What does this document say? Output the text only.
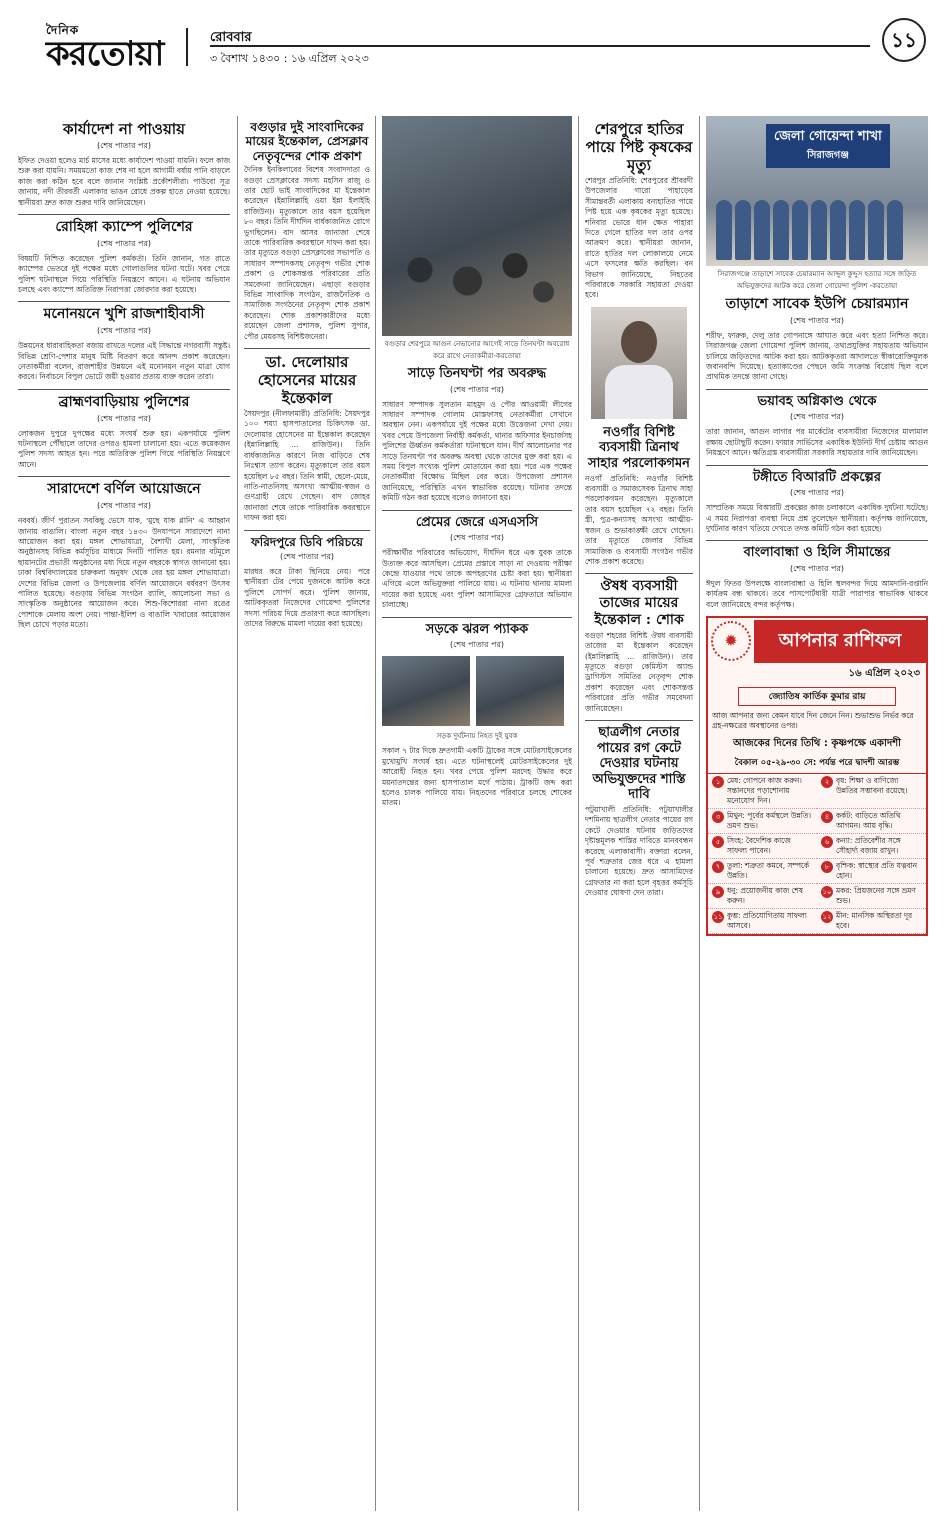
দৈনিক
করতোয়া	রোববার
৩ বৈশাখ ১৪৩০ : ১৬ এপ্রিল ২০২৩
১১
কার্যাদেশ না পাওয়ায়
(শেষ পাতার পর)

ইফিত দেওয়া হলেও মার্চ মাসের মধ্যে কার্যাদেশ পাওয়া যায়নি। ফলে কাজ শুরু করা যায়নি। সময়মতো কাজ শেষ না হলে আগামী বর্ষায় পানি বাড়লে কাজ করা কঠিন হবে বলে জানান সংশ্লিষ্ট প্রকৌশলীরা। পাউবো সূত্র জানায়, নদী তীরবর্তী এলাকার ভাঙন রোধে প্রকল্প হাতে নেওয়া হয়েছে। স্থানীয়রা দ্রুত কাজ শুরুর দাবি জানিয়েছেন।

রোহিঙ্গা ক্যাম্পে পুলিশের
(শেষ পাতার পর)

বিষয়টি নিশ্চিত করেছেন পুলিশ কর্মকর্তা। তিনি জানান, গত রাতে ক্যাম্পের ভেতরে দুই পক্ষের মধ্যে গোলাগুলির ঘটনা ঘটে। খবর পেয়ে পুলিশ ঘটনাস্থলে গিয়ে পরিস্থিতি নিয়ন্ত্রণে আনে। এ ঘটনায় অভিযান চলছে এবং ক্যাম্পে অতিরিক্ত নিরাপত্তা জোরদার করা হয়েছে।

মনোনয়নে খুশি রাজশাহীবাসী
(শেষ পাতার পর)

উন্নয়নের ধারাবাহিকতা বজায় রাখতে দলের এই সিদ্ধান্তে নগরবাসী সন্তুষ্ট। বিভিন্ন শ্রেণি-পেশার মানুষ মিষ্টি বিতরণ করে আনন্দ প্রকাশ করেছেন। নেতাকর্মীরা বলেন, রাজশাহীর উন্নয়নে এই মনোনয়ন নতুন মাত্রা যোগ করবে। নির্বাচনে বিপুল ভোটে জয়ী হওয়ার প্রত্যয় ব্যক্ত করেন তারা।

ব্রাহ্মণবাড়িয়ায় পুলিশের
(শেষ পাতার পর)

লোকজন দুপুরে দুপক্ষের মধ্যে সংঘর্ষ শুরু হয়। একপর্যায়ে পুলিশ ঘটনাস্থলে পৌঁছালে তাদের ওপরও হামলা চালানো হয়। এতে কয়েকজন পুলিশ সদস্য আহত হন। পরে অতিরিক্ত পুলিশ গিয়ে পরিস্থিতি নিয়ন্ত্রণে আনে।

সারাদেশে বর্ণিল আয়োজনে
(শেষ পাতার পর)

নববর্ষ। জীর্ণ পুরাতন সবকিছু ভেসে যাক, 'মুছে যাক গ্লানি' এ আহ্বান জানায় বাঙালি। বাংলা নতুন বছর ১৪৩০ উদযাপনে সারাদেশে নানা আয়োজন করা হয়। মঙ্গল শোভাযাত্রা, বৈশাখী মেলা, সাংস্কৃতিক অনুষ্ঠানসহ বিভিন্ন কর্মসূচির মাধ্যমে দিনটি পালিত হয়। রমনার বটমূলে ছায়ানটের প্রভাতী অনুষ্ঠানের মধ্য দিয়ে নতুন বছরকে স্বাগত জানানো হয়। ঢাকা বিশ্ববিদ্যালয়ের চারুকলা অনুষদ থেকে বের হয় মঙ্গল শোভাযাত্রা। দেশের বিভিন্ন জেলা ও উপজেলায় বর্ণিল আয়োজনে বর্ষবরণ উৎসব পালিত হয়েছে। বগুড়ায় বিভিন্ন সংগঠন র‍্যালি, আলোচনা সভা ও সাংস্কৃতিক অনুষ্ঠানের আয়োজন করে। শিশু-কিশোররা নানা রঙের পোশাকে মেলায় অংশ নেয়। পান্তা-ইলিশ ও বাঙালি খাবারের আয়োজন ছিল চোখে পড়ার মতো।

বগুড়ার দুই সাংবাদিকের মায়ের ইন্তেকাল, প্রেসক্লাব নেতৃবৃন্দের শোক প্রকাশ

দৈনিক ইনকিলাবের বিশেষ সংবাদদাতা ও বগুড়া প্রেসক্লাবের সদস্য মহসিন রাজু ও তার ছোট ভাই সাংবাদিকের মা ইন্তেকাল করেছেন (ইন্নালিল্লাহি ওয়া ইন্না ইলাইহি রাজিউন)। মৃত্যুকালে তার বয়স হয়েছিল ৮০ বছর। তিনি দীর্ঘদিন বার্ধক্যজনিত রোগে ভুগছিলেন। বাদ আসর জানাজা শেষে তাকে পারিবারিক কবরস্থানে দাফন করা হয়। তার মৃত্যুতে বগুড়া প্রেসক্লাবের সভাপতি ও সাধারণ সম্পাদকসহ নেতৃবৃন্দ গভীর শোক প্রকাশ ও শোকসন্তপ্ত পরিবারের প্রতি সমবেদনা জানিয়েছেন। এছাড়া বগুড়ার বিভিন্ন সাংবাদিক সংগঠন, রাজনৈতিক ও সামাজিক সংগঠনের নেতৃবৃন্দ শোক প্রকাশ করেছেন। শোক প্রকাশকারীদের মধ্যে রয়েছেন জেলা প্রশাসক, পুলিশ সুপার, পৌর মেয়রসহ বিশিষ্টজনেরা।

ডা. দেলোয়ার হোসেনের মায়ের ইন্তেকাল

সৈয়দপুর (নীলফামারী) প্রতিনিধি: সৈয়দপুর ১০০ শয্যা হাসপাতালের চিকিৎসক ডা. দেলোয়ার হোসেনের মা ইন্তেকাল করেছেন (ইন্নালিল্লাহি ... রাজিউন)। তিনি বার্ধক্যজনিত কারণে নিজ বাড়িতে শেষ নিঃশ্বাস ত্যাগ করেন। মৃত্যুকালে তার বয়স হয়েছিল ৮৫ বছর। তিনি স্বামী, ছেলে-মেয়ে, নাতি-নাতনিসহ অসংখ্য আত্মীয়-স্বজন ও গুণগ্রাহী রেখে গেছেন। বাদ জোহর জানাজা শেষে তাকে পারিবারিক কবরস্থানে দাফন করা হয়।

ফরিদপুরে ডিবি পরিচয়ে
(শেষ পাতার পর)

মারধর করে টাকা ছিনিয়ে নেয়। পরে স্থানীয়রা টের পেয়ে দুজনকে আটক করে পুলিশে সোপর্দ করে। পুলিশ জানায়, আটককৃতরা নিজেদের গোয়েন্দা পুলিশের সদস্য পরিচয় দিয়ে প্রতারণা করে আসছিল। তাদের বিরুদ্ধে মামলা দায়ের করা হয়েছে।

বগুড়ার শেরপুরে আগুন নেভানোর আগেই সাড়ে তিনঘণ্টা অবরোধ করে রাখে নেতাকর্মীরা-করতোয়া
সাড়ে তিনঘণ্টা পর অবরুদ্ধ
(শেষ পাতার পর)

সাধারণ সম্পাদক সুলতান মাহমুদ ও পৌর আওয়ামী লীগের সাধারণ সম্পাদক গোলাম মোস্তফাসহ নেতাকর্মীরা সেখানে অবস্থান নেন। একপর্যায়ে দুই পক্ষের মধ্যে উত্তেজনা দেখা দেয়। খবর পেয়ে উপজেলা নির্বাহী কর্মকর্তা, থানার অফিসার ইনচার্জসহ পুলিশের ঊর্ধ্বতন কর্মকর্তারা ঘটনাস্থলে যান। দীর্ঘ আলোচনার পর সাড়ে তিনঘণ্টা পর অবরুদ্ধ অবস্থা থেকে তাদের মুক্ত করা হয়। এ সময় বিপুল সংখ্যক পুলিশ মোতায়েন করা হয়। পরে এক পক্ষের নেতাকর্মীরা বিক্ষোভ মিছিল বের করে। উপজেলা প্রশাসন জানিয়েছে, পরিস্থিতি এখন স্বাভাবিক রয়েছে। ঘটনার তদন্তে কমিটি গঠন করা হয়েছে বলেও জানানো হয়।

প্রেমের জেরে এসএসসি
(শেষ পাতার পর)

পরীক্ষার্থীর পরিবারের অভিযোগ, দীর্ঘদিন ধরে এক যুবক তাকে উত্যক্ত করে আসছিল। প্রেমের প্রস্তাবে সাড়া না দেওয়ায় পরীক্ষা কেন্দ্রে যাওয়ার পথে তাকে অপহরণের চেষ্টা করা হয়। স্থানীয়রা এগিয়ে এলে অভিযুক্তরা পালিয়ে যায়। এ ঘটনায় থানায় মামলা দায়ের করা হয়েছে এবং পুলিশ আসামিদের গ্রেফতারে অভিযান চালাচ্ছে।

সড়কে ঝরল প্যাকক
(শেষ পাতার পর)
সড়ক দুর্ঘটনায় নিহত দুই যুবক

সকাল ৭ টার দিকে দ্রুতগামী একটি ট্রাকের সঙ্গে মোটরসাইকেলের মুখোমুখি সংঘর্ষ হয়। এতে ঘটনাস্থলেই মোটরসাইকেলের দুই আরোহী নিহত হন। খবর পেয়ে পুলিশ মরদেহ উদ্ধার করে ময়নাতদন্তের জন্য হাসপাতাল মর্গে পাঠায়। ট্রাকটি জব্দ করা হলেও চালক পালিয়ে যায়। নিহতদের পরিবারে চলছে শোকের মাতম।

শেরপুরে হাতির পায়ে পিষ্ট কৃষকের মৃত্যু

শেরপুর প্রতিনিধি: শেরপুরের শ্রীবরদী উপজেলার গারো পাহাড়ের সীমান্তবর্তী এলাকায় বন্যহাতির পায়ে পিষ্ট হয়ে এক কৃষকের মৃত্যু হয়েছে। শনিবার ভোরে ধান ক্ষেত পাহারা দিতে গেলে হাতির দল তার ওপর আক্রমণ করে। স্থানীয়রা জানান, রাতে হাতির দল লোকালয়ে নেমে এসে ফসলের ক্ষতি করছিল। বন বিভাগ জানিয়েছে, নিহতের পরিবারকে সরকারি সহায়তা দেওয়া হবে।

নওগাঁর বিশিষ্ট ব্যবসায়ী ত্রিনাথ সাহার পরলোকগমন

নওগাঁ প্রতিনিধি: নওগাঁর বিশিষ্ট ব্যবসায়ী ও সমাজসেবক ত্রিনাথ সাহা পরলোকগমন করেছেন। মৃত্যুকালে তার বয়স হয়েছিল ৭২ বছর। তিনি স্ত্রী, পুত্র-কন্যাসহ অসংখ্য আত্মীয়-স্বজন ও শুভাকাঙ্ক্ষী রেখে গেছেন। তার মৃত্যুতে জেলার বিভিন্ন সামাজিক ও ব্যবসায়ী সংগঠন গভীর শোক প্রকাশ করেছে।

ঔষধ ব্যবসায়ী তাজের মায়ের ইন্তেকাল : শোক

বগুড়া শহরের বিশিষ্ট ঔষধ ব্যবসায়ী তাজের মা ইন্তেকাল করেছেন (ইন্নালিল্লাহি ... রাজিউন)। তার মৃত্যুতে বগুড়া কেমিস্টস অ্যান্ড ড্রাগিস্টস সমিতির নেতৃবৃন্দ শোক প্রকাশ করেছেন এবং শোকসন্তপ্ত পরিবারের প্রতি গভীর সমবেদনা জানিয়েছেন।

ছাত্রলীগ নেতার পায়ের রগ কেটে দেওয়ার ঘটনায় অভিযুক্তদের শাস্তি দাবি

পটুয়াখালী প্রতিনিধি: পটুয়াখালীর দশমিনায় ছাত্রলীগ নেতার পায়ের রগ কেটে দেওয়ার ঘটনায় জড়িতদের দৃষ্টান্তমূলক শাস্তির দাবিতে মানববন্ধন করেছে এলাকাবাসী। বক্তারা বলেন, পূর্ব শত্রুতার জের ধরে এ হামলা চালানো হয়েছে। দ্রুত আসামিদের গ্রেফতার না করা হলে বৃহত্তর কর্মসূচি দেওয়ার ঘোষণা দেন তারা।

জেলা গোয়েন্দা শাখা
সিরাজগঞ্জ
সিরাজগঞ্জে তাড়াশে সাবেক চেয়ারম্যান আব্দুল কুদ্দুস হত্যার সঙ্গে জড়িত অভিযুক্তদের আটক করে জেলা গোয়েন্দা পুলিশ -করতোয়া
তাড়াশে সাবেক ইউপি চেয়ারম্যান
(শেষ পাতার পর)

শরীফ, ফারুক, দেলু তার গোপনাঙ্গে আঘাত করে এবং হত্যা নিশ্চিত করে। সিরাজগঞ্জ জেলা গোয়েন্দা পুলিশ জানায়, তথ্যপ্রযুক্তির সহায়তায় অভিযান চালিয়ে জড়িতদের আটক করা হয়। আটককৃতরা আদালতে স্বীকারোক্তিমূলক জবানবন্দি দিয়েছে। হত্যাকাণ্ডের পেছনে জমি সংক্রান্ত বিরোধ ছিল বলে প্রাথমিক তদন্তে জানা গেছে।

ভয়াবহ অগ্নিকাণ্ড থেকে
(শেষ পাতার পর)

তারা জানান, আগুন লাগার পর মার্কেটের ব্যবসায়ীরা নিজেদের মালামাল রক্ষায় ছোটাছুটি করেন। ফায়ার সার্ভিসের একাধিক ইউনিট দীর্ঘ চেষ্টায় আগুন নিয়ন্ত্রণে আনে। ক্ষতিগ্রস্ত ব্যবসায়ীরা সরকারি সহায়তার দাবি জানিয়েছেন।

টঙ্গীতে বিআরটি প্রকল্পের
(শেষ পাতার পর)

সাম্প্রতিক সময়ে বিআরটি প্রকল্পের কাজ চলাকালে একাধিক দুর্ঘটনা ঘটেছে। এ সময় নিরাপত্তা ব্যবস্থা নিয়ে প্রশ্ন তুলেছেন স্থানীয়রা। কর্তৃপক্ষ জানিয়েছে, দুর্ঘটনার কারণ খতিয়ে দেখতে তদন্ত কমিটি গঠন করা হয়েছে।

বাংলাবান্ধা ও হিলি সীমান্তের
(শেষ পাতার পর)

ঈদুল ফিতর উপলক্ষে বাংলাবান্ধা ও হিলি স্থলবন্দর দিয়ে আমদানি-রপ্তানি কার্যক্রম বন্ধ থাকবে। তবে পাসপোর্টধারী যাত্রী পারাপার স্বাভাবিক থাকবে বলে জানিয়েছে বন্দর কর্তৃপক্ষ।

✹	আপনার রাশিফল
১৬ এপ্রিল ২০২৩
জ্যোতিষ কার্তিক কুমার রায়
আজ আপনার জন্য কেমন যাবে দিন জেনে নিন। শুভাশুভ নির্ভর করে গ্রহ-নক্ষত্রের অবস্থানের ওপর।
আজকের দিনের তিথি : কৃষ্ণপক্ষে একাদশী
বৈকাল ০৫-২৯-৩০ সে: পর্যন্ত পরে দ্বাদশী আরম্ভ
১ মেষ: গোপনে কাজ করুন। সন্তানদের পড়াশোনায় মনোযোগ দিন।
২ বৃষ: শিক্ষা ও বাণিজ্যে উন্নতির সম্ভাবনা রয়েছে।
৩ মিথুন: পূর্বের কর্মস্থলে উন্নতি। ভ্রমণ শুভ।
৪ কর্কট: বাড়িতে অতিথি আগমন। আয় বৃদ্ধি।
৫ সিংহ: বৈদেশিক কাজে সাফল্য পাবেন।
৬ কন্যা: প্রতিবেশীর সঙ্গে সৌহার্দ্য বজায় রাখুন।
৭ তুলা: শত্রুতা কমবে, সম্পর্কে উন্নতি।
৮ বৃশ্চিক: স্বাস্থ্যের প্রতি যত্নবান হোন।
৯ ধনু: প্রয়োজনীয় কাজ শেষ করুন।
১০ মকর: প্রিয়জনের সঙ্গে ভ্রমণ শুভ।
১১ কুম্ভ: প্রতিযোগিতায় সাফল্য আসবে।
১২ মীন: মানসিক অস্থিরতা দূর হবে।
